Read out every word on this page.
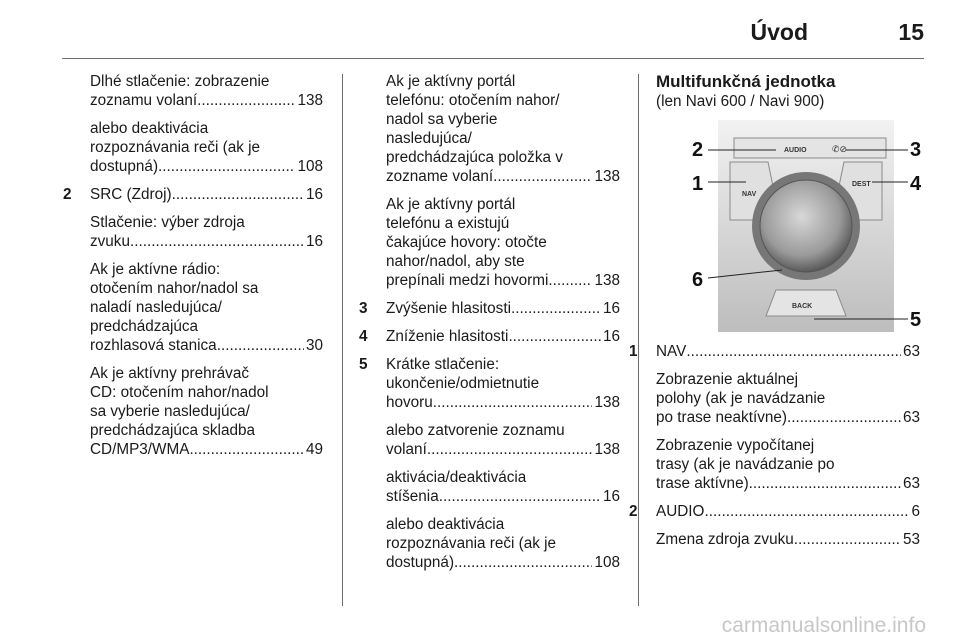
Úvod	15
Dlhé stlačenie: zobrazenie
zoznamu volaní .....	138
alebo deaktivácia
rozpoznávania reči (ak je
dostupná) .....	108
2 SRC (Zdroj) .....	16
Stlačenie: výber zdroja
zvuku .....	16
Ak je aktívne rádio:
otočením nahor/nadol sa
naladí nasledujúca/
predchádzajúca
rozhlasová stanica .....	30
Ak je aktívny prehrávač
CD: otočením nahor/nadol
sa vyberie nasledujúca/
predchádzajúca skladba
CD/MP3/WMA .....	49
Ak je aktívny portál
telefónu: otočením nahor/
nadol sa vyberie
nasledujúca/
predchádzajúca položka v
zozname volaní .....	138
Ak je aktívny portál
telefónu a existujú
čakajúce hovory: otočte
nahor/nadol, aby ste
prepínali medzi hovormi .....	138
3 Zvýšenie hlasitosti .....	16
4 Zníženie hlasitosti .....	16
5 Krátke stlačenie:
ukončenie/odmietnutie
hovoru .....	138
alebo zatvorenie zoznamu
volaní .....	138
aktivácia/deaktivácia
stíšenia .....	16
alebo deaktivácia
rozpoznávania reči (ak je
dostupná) .....	108
Multifunkčná jednotka
(len Navi 600 / Navi 900)
AUDIO	✆⊘
NAV
DEST
BACK
2
1
3
4
6
5
1 NAV .....	63
Zobrazenie aktuálnej
polohy (ak je navádzanie
po trase neaktívne) .....	63
Zobrazenie vypočítanej
trasy (ak je navádzanie po
trase aktívne) .....	63
2 AUDIO .....	6
Zmena zdroja zvuku .....	53
carmanualsonline.info
